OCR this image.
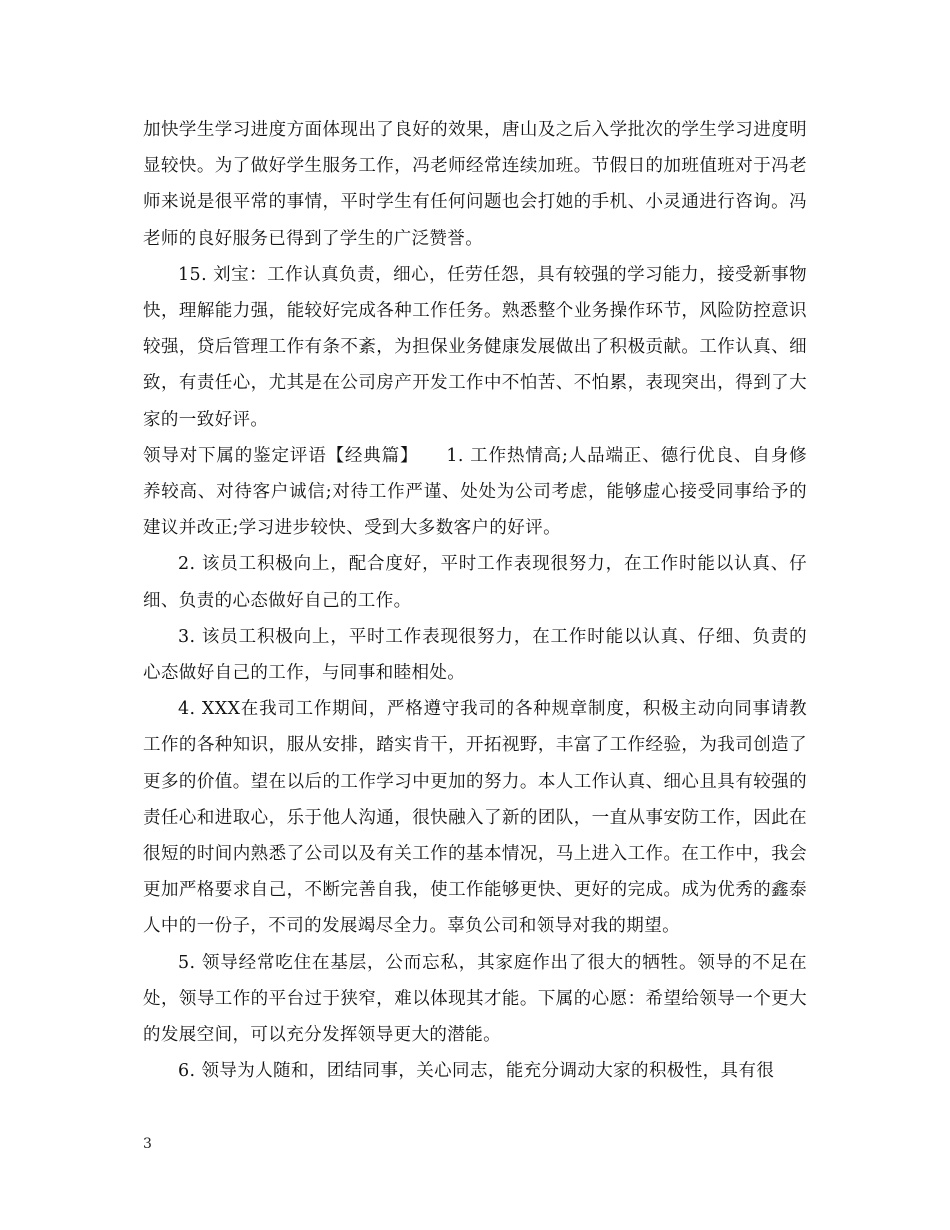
加快学生学习进度方面体现出了良好的效果，唐山及之后入学批次的学生学习进度明显较快。为了做好学生服务工作，冯老师经常连续加班。节假日的加班值班对于冯老师来说是很平常的事情，平时学生有任何问题也会打她的手机、小灵通进行咨询。冯老师的良好服务已得到了学生的广泛赞誉。

15. 刘宝：工作认真负责，细心，任劳任怨，具有较强的学习能力，接受新事物快，理解能力强，能较好完成各种工作任务。熟悉整个业务操作环节，风险防控意识较强，贷后管理工作有条不紊，为担保业务健康发展做出了积极贡献。工作认真、细致，有责任心，尤其是在公司房产开发工作中不怕苦、不怕累，表现突出，得到了大家的一致好评。

领导对下属的鉴定评语【经典篇】　　1. 工作热情高;人品端正、德行优良、自身修养较高、对待客户诚信;对待工作严谨、处处为公司考虑，能够虚心接受同事给予的建议并改正;学习进步较快、受到大多数客户的好评。

2. 该员工积极向上，配合度好，平时工作表现很努力，在工作时能以认真、仔细、负责的心态做好自己的工作。

3. 该员工积极向上，平时工作表现很努力，在工作时能以认真、仔细、负责的心态做好自己的工作，与同事和睦相处。

4. XXX在我司工作期间，严格遵守我司的各种规章制度，积极主动向同事请教工作的各种知识，服从安排，踏实肯干，开拓视野，丰富了工作经验，为我司创造了更多的价值。望在以后的工作学习中更加的努力。本人工作认真、细心且具有较强的责任心和进取心，乐于他人沟通，很快融入了新的团队，一直从事安防工作，因此在很短的时间内熟悉了公司以及有关工作的基本情况，马上进入工作。在工作中，我会更加严格要求自己，不断完善自我，使工作能够更快、更好的完成。成为优秀的鑫泰人中的一份子，不司的发展竭尽全力。辜负公司和领导对我的期望。

5. 领导经常吃住在基层，公而忘私，其家庭作出了很大的牺牲。领导的不足在处，领导工作的平台过于狭窄，难以体现其才能。下属的心愿：希望给领导一个更大的发展空间，可以充分发挥领导更大的潜能。

6. 领导为人随和，团结同事，关心同志，能充分调动大家的积极性，具有很

3
